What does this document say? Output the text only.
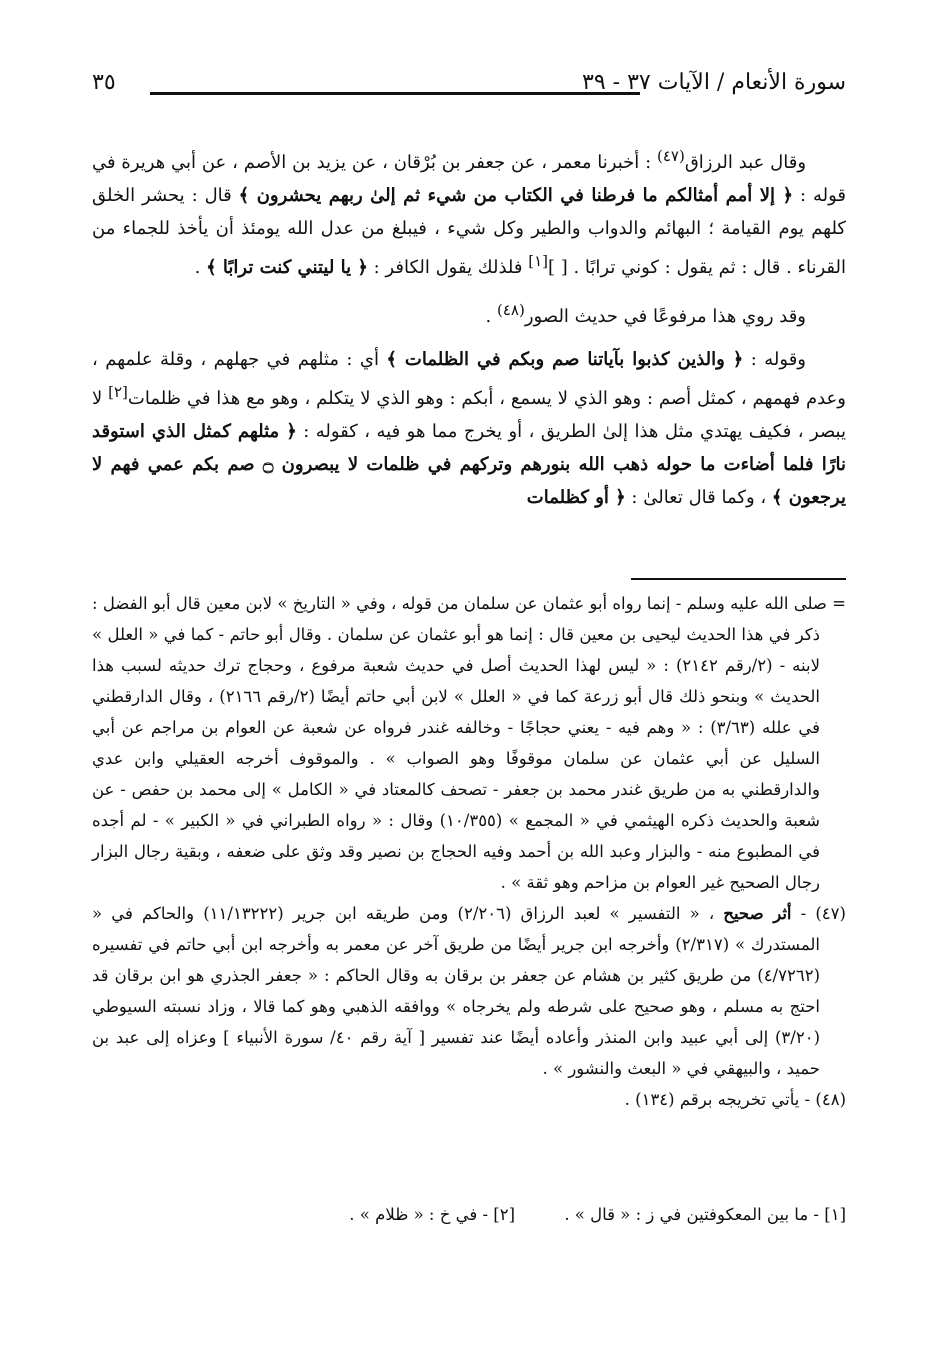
سورة الأنعام / الآيات ٣٧ - ٣٩
٣٥

وقال عبد الرزاق$^{(٤٧)}$ : أخبرنا معمر ، عن جعفر بن بُرْقان ، عن يزيد بن الأصم ، عن أبي هريرة في قوله : ﴿ إلا أمم أمثالكم ما فرطنا في الكتاب من شيء ثم إلىٰ ربهم يحشرون ﴾ قال : يحشر الخلق كلهم يوم القيامة ؛ البهائم والدواب والطير وكل شيء ، فيبلغ من عدل الله يومئذ أن يأخذ للجماء من القرناء . قال : ثم يقول : كوني ترابًا . [ ][١] فلذلك يقول الكافر : ﴿ يا ليتني كنت ترابًا ﴾ .

وقد روي هذا مرفوعًا في حديث الصور$^{(٤٨)}$ .

وقوله : ﴿ والذين كذبوا بآياتنا صم وبكم في الظلمات ﴾ أي : مثلهم في جهلهم ، وقلة علمهم ، وعدم فهمهم ، كمثل أصم : وهو الذي لا يسمع ، أبكم : وهو الذي لا يتكلم ، وهو مع هذا في ظلمات[٢] لا يبصر ، فكيف يهتدي مثل هذا إلىٰ الطريق ، أو يخرج مما هو فيه ، كقوله : ﴿ مثلهم كمثل الذي استوقد نارًا فلما أضاءت ما حوله ذهب الله بنورهم وتركهم في ظلمات لا يبصرون ۝ صم بكم عمي فهم لا يرجعون ﴾ ، وكما قال تعالىٰ : ﴿ أو كظلمات

= صلى الله عليه وسلم - إنما رواه أبو عثمان عن سلمان من قوله ، وفي « التاريخ » لابن معين قال أبو الفضل : ذكر في هذا الحديث ليحيى بن معين قال : إنما هو أبو عثمان عن سلمان . وقال أبو حاتم - كما في « العلل » لابنه - (٢/رقم ٢١٤٢) : « ليس لهذا الحديث أصل في حديث شعبة مرفوع ، وحجاج ترك حديثه لسبب هذا الحديث » وبنحو ذلك قال أبو زرعة كما في « العلل » لابن أبي حاتم أيضًا (٢/رقم ٢١٦٦) ، وقال الدارقطني في علله (٣/٦٣) : « وهم فيه - يعني حجاجًا - وخالفه غندر فرواه عن شعبة عن العوام بن مراجم عن أبي السليل عن أبي عثمان عن سلمان موقوفًا وهو الصواب » . والموقوف أخرجه العقيلي وابن عدي والدارقطني به من طريق غندر محمد بن جعفر - تصحف كالمعتاد في « الكامل » إلى محمد بن حفص - عن شعبة والحديث ذكره الهيثمي في « المجمع » (١٠/٣٥٥) وقال : « رواه الطبراني في « الكبير » - لم أجده في المطبوع منه - والبزار وعبد الله بن أحمد وفيه الحجاج بن نصير وقد وثق على ضعفه ، وبقية رجال البزار رجال الصحيح غير العوام بن مزاحم وهو ثقة » .

(٤٧) - أثر صحيح ، « التفسير » لعبد الرزاق (٢/٢٠٦) ومن طريقه ابن جرير (١١/١٣٢٢٢) والحاكم في « المستدرك » (٢/٣١٧) وأخرجه ابن جرير أيضًا من طريق آخر عن معمر به وأخرجه ابن أبي حاتم في تفسيره (٤/٧٢٦٢) من طريق كثير بن هشام عن جعفر بن برقان به وقال الحاكم : « جعفر الجذري هو ابن برقان قد احتج به مسلم ، وهو صحيح على شرطه ولم يخرجاه » ووافقه الذهبي وهو كما قالا ، وزاد نسبته السيوطي (٣/٢٠) إلى أبي عبيد وابن المنذر وأعاده أيضًا عند تفسير [ آية رقم ٤٠/ سورة الأنبياء ] وعزاه إلى عبد بن حميد ، والبيهقي في « البعث والنشور » .

(٤٨) - يأتي تخريجه برقم (١٣٤) .

[١] - ما بين المعكوفتين في ز : « قال » . [٢] - في خ : « ظلام » .
